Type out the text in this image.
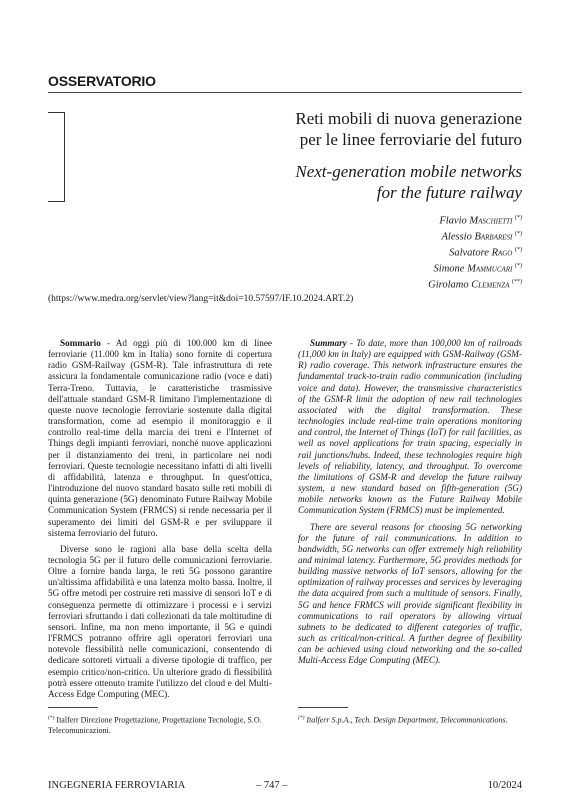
OSSERVATORIO
Reti mobili di nuova generazione
per le linee ferroviarie del futuro
Next-generation mobile networks
for the future railway
Flavio Maschietti (*)
Alessio Barbaresi (*)
Salvatore Rago (*)
Simone Mammucari (*)
Girolamo Clemenza (**)
(https://www.medra.org/servlet/view?lang=it&doi=10.57597/IF.10.2024.ART.2)

Sommario - Ad oggi più di 100.000 km di linee ferroviarie (11.000 km in Italia) sono fornite di copertura radio GSM-Railway (GSM-R). Tale infrastruttura di rete assicura la fondamentale comunicazione radio (voce e dati) Terra-Treno. Tuttavia, le caratteristiche trasmissive dell'attuale standard GSM-R limitano l'implementazione di queste nuove tecnologie ferroviarie sostenute dalla digital transformation, come ad esempio il monitoraggio e il controllo real-time della marcia dei treni e l'Internet of Things degli impianti ferroviari, nonché nuove applicazioni per il distanziamento dei treni, in particolare nei nodi ferroviari. Queste tecnologie necessitano infatti di alti livelli di affidabilità, latenza e throughput. In quest'ottica, l'introduzione del nuovo standard basato sulle reti mobili di quinta generazione (5G) denominato Future Railway Mobile Communication System (FRMCS) si rende necessaria per il superamento dei limiti del GSM-R e per sviluppare il sistema ferroviario del futuro.

Diverse sono le ragioni alla base della scelta della tecnologia 5G per il futuro delle comunicazioni ferroviarie. Oltre a fornire banda larga, le reti 5G possono garantire un'altissima affidabilità e una latenza molto bassa. Inoltre, il 5G offre metodi per costruire reti massive di sensori IoT e di conseguenza permette di ottimizzare i processi e i servizi ferroviari sfruttando i dati collezionati da tale moltitudine di sensori. Infine, ma non meno importante, il 5G e quindi l'FRMCS potranno offrire agli operatori ferroviari una notevole flessibilità nelle comunicazioni, consentendo di dedicare sottoreti virtuali a diverse tipologie di traffico, per esempio critico/non-critico. Un ulteriore grado di flessibilità potrà essere ottenuto tramite l'utilizzo del cloud e del Multi-Access Edge Computing (MEC).

Summary - To date, more than 100,000 km of railroads (11,000 km in Italy) are equipped with GSM-Railway (GSM-R) radio coverage. This network infrastructure ensures the fundamental track-to-train radio communication (including voice and data). However, the transmissive characteristics of the GSM-R limit the adoption of new rail technologies associated with the digital transformation. These technologies include real-time train operations monitoring and control, the Internet of Things (IoT) for rail facilities, as well as novel applications for train spacing, especially in rail junctions/hubs. Indeed, these technologies require high levels of reliability, latency, and throughput. To overcome the limitations of GSM-R and develop the future railway system, a new standard based on fifth-generation (5G) mobile networks known as the Future Railway Mobile Communication System (FRMCS) must be implemented.

There are several reasons for choosing 5G networking for the future of rail communications. In addition to bandwidth, 5G networks can offer extremely high reliability and minimal latency. Furthermore, 5G provides methods for building massive networks of IoT sensors, allowing for the optimization of railway processes and services by leveraging the data acquired from such a multitude of sensors. Finally, 5G and hence FRMCS will provide significant flexibility in communications to rail operators by allowing virtual subnets to be dedicated to different categories of traffic, such as critical/non-critical. A further degree of flexibility can be achieved using cloud networking and the so-called Multi-Access Edge Computing (MEC).

(*) Italferr Direzione Progettazione, Progettazione Tecnologie, S.O. Telecomunicazioni.
(*) Italferr S.p.A., Tech. Design Department, Telecommunications.
INGEGNERIA FERROVIARIA	– 747 –	10/2024
